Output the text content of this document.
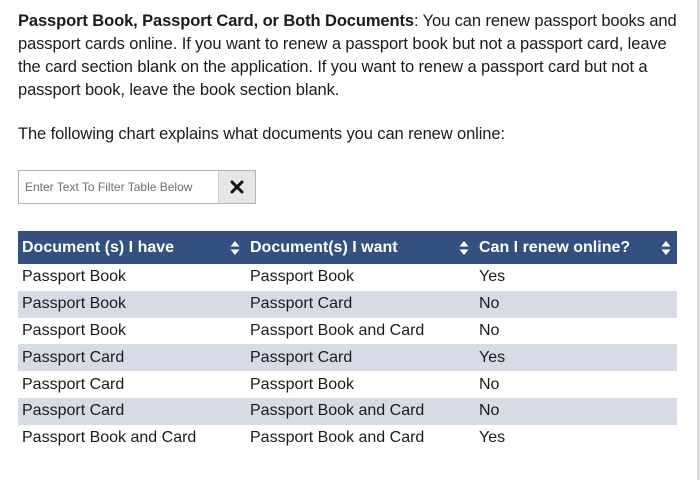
Passport Book, Passport Card, or Both Documents: You can renew passport books and passport cards online. If you want to renew a passport book but not a passport card, leave the card section blank on the application. If you want to renew a passport card but not a passport book, leave the book section blank.

The following chart explains what documents you can renew online:

Enter Text To Filter Table Below
Document (s) I have	Document(s) I want	Can I renew online?

Passport Book	Passport Book	Yes
Passport Book	Passport Card	No
Passport Book	Passport Book and Card	No
Passport Card	Passport Card	Yes
Passport Card	Passport Book	No
Passport Card	Passport Book and Card	No
Passport Book and Card	Passport Book and Card	Yes
